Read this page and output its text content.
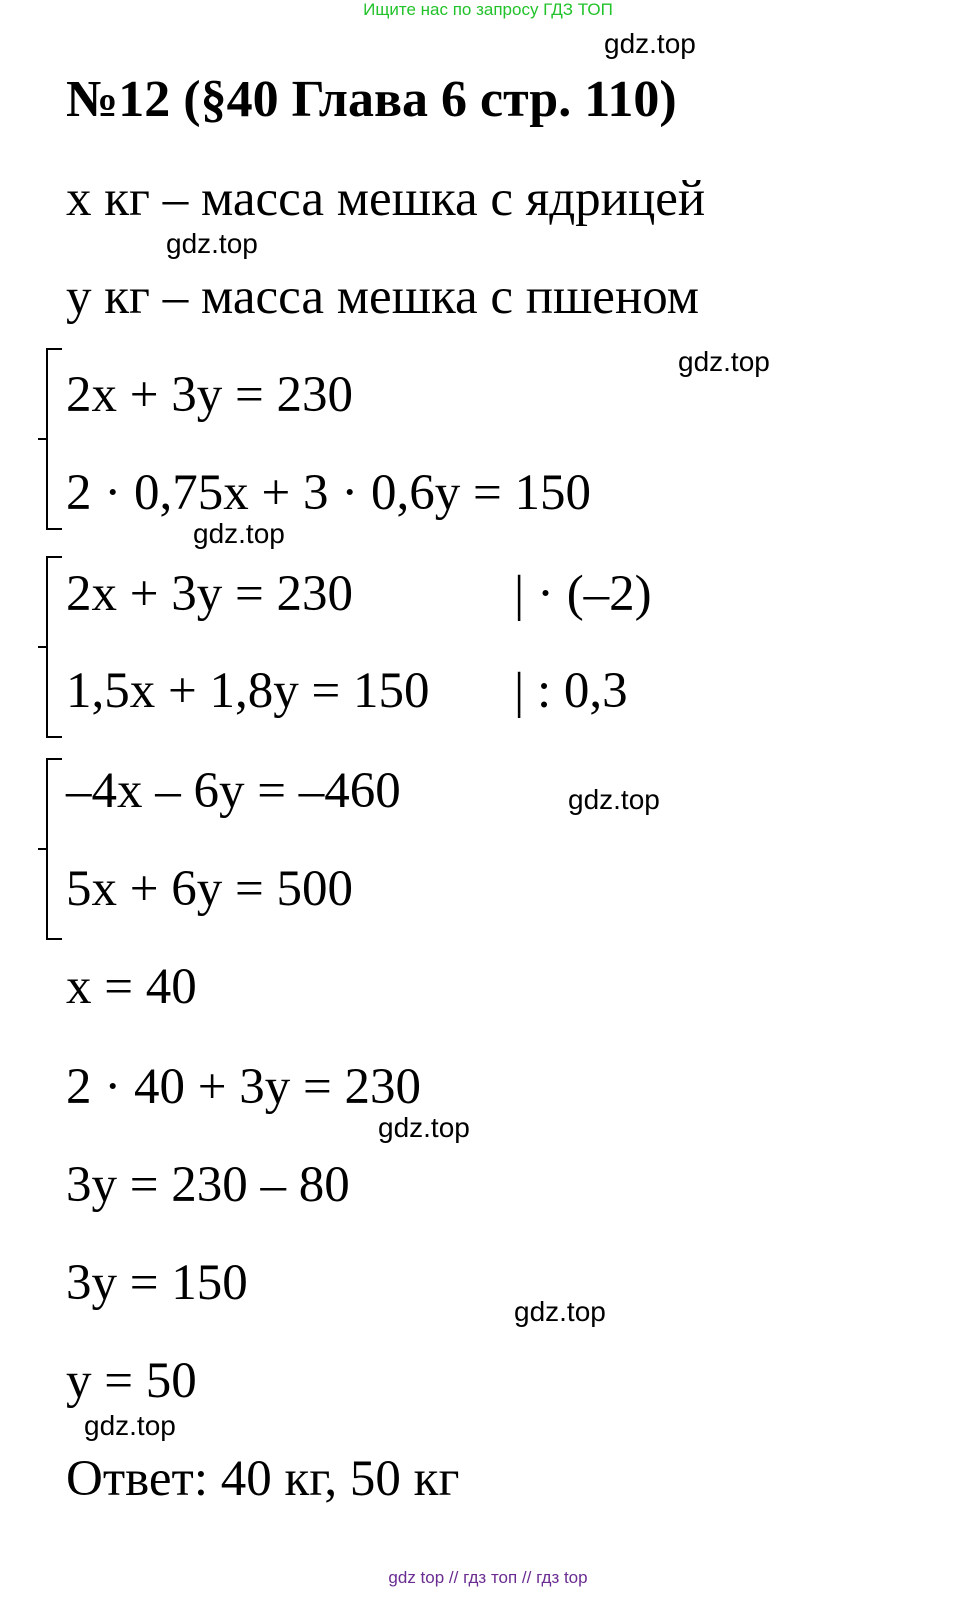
Ищите нас по запросу ГДЗ ТОП
gdz.top
№12 (§40 Глава 6 стр. 110)
x кг – масса мешка с ядрицей
gdz.top
y кг – масса мешка с пшеном
gdz.top
2x + 3y = 230
2 · 0,75x + 3 · 0,6y = 150
gdz.top
2x + 3y = 230	| · (–2)
1,5x + 1,8y = 150 | : 0,3
–4x – 6y = –460	gdz.top
5x + 6y = 500
x = 40
2 · 40 + 3y = 230
gdz.top
3y = 230 – 80
3y = 150
gdz.top
y = 50
gdz.top
Ответ: 40 кг, 50 кг
gdz top // гдз топ // гдз top
